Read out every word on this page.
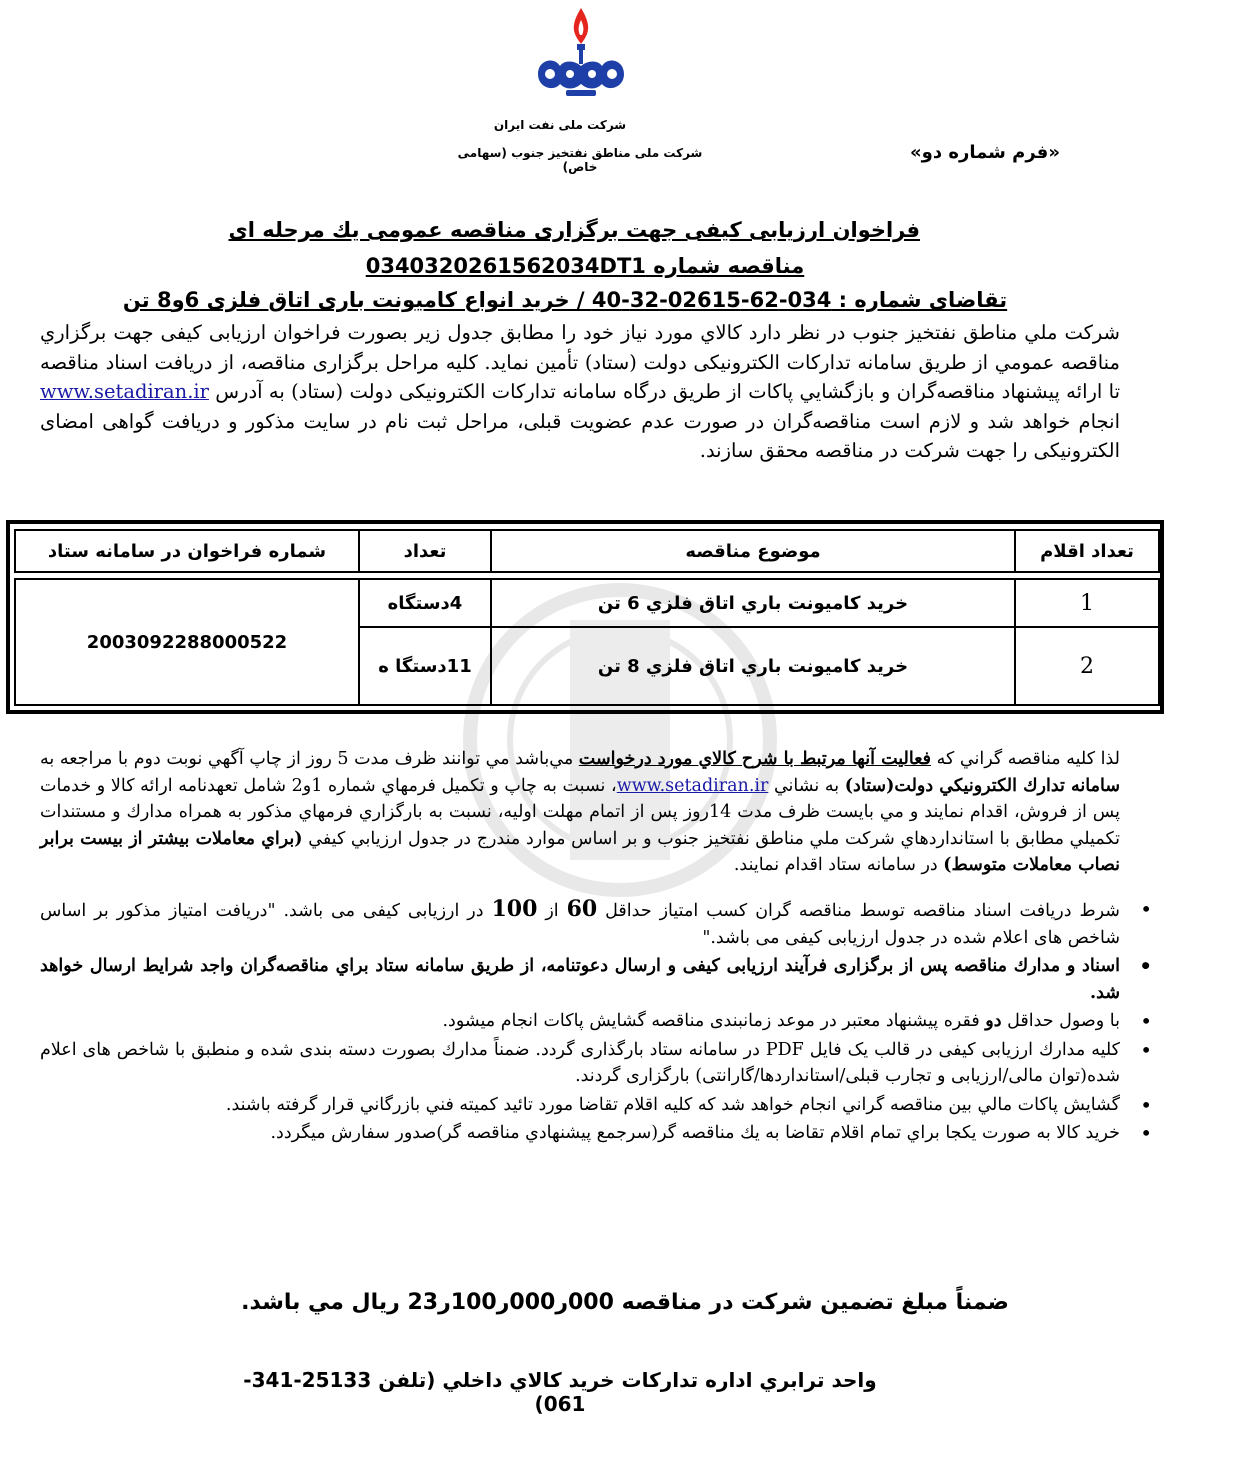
شركت ملی نفت ايران
شرکت ملی مناطق نفتخيز جنوب (سهامی خاص)
«فرم شماره دو»
فراخوان ارزيابی كيفی جهت برگزاری مناقصه عمومی يك مرحله ای
مناقصه شماره 034032026156203​4DT1
تقاضای شماره : 034-62-02615-32-40 / خريد انواع كاميونت باری اتاق فلزی 6و8 تن
شرکت ملي مناطق نفتخيز جنوب در نظر دارد كالاي مورد نياز خود را مطابق جدول زير بصورت فراخوان ارزيابی كيفی جهت برگزاري مناقصه عمومي از طريق سامانه تداركات الكترونيكی دولت (ستاد) تأمين نمايد. كليه مراحل برگزاری مناقصه، از دريافت اسناد مناقصه تا ارائه پيشنهاد مناقصه‌گران و بازگشايي پاكات از طريق درگاه سامانه تداركات الكترونيكی دولت (ستاد) به آدرس www.setadiran.ir انجام خواهد شد و لازم است مناقصه‌گران در صورت عدم عضويت قبلی، مراحل ثبت نام در سايت مذكور و دريافت گواهی امضای الكترونيكی را جهت شركت در مناقصه محقق سازند.
تعداد اقلام	موضوع مناقصه	تعداد	شماره فراخوان در سامانه ستاد

1	خريد كاميونت باري اتاق فلزي 6 تن	4دستگاه	2003092288000522
2	خريد كاميونت باري اتاق فلزي 8 تن	11دستگا ه	
لذا كليه مناقصه گراني كه فعاليت آنها مرتبط با شرح كالاي مورد درخواست مي‌باشد مي توانند ظرف مدت 5 روز از چاپ آگهي نوبت دوم با مراجعه به سامانه تدارك الكترونيكي دولت(ستاد) به نشاني www.setadiran.ir، نسبت به چاپ و تكميل فرمهاي شماره 1و2 شامل تعهدنامه ارائه كالا و خدمات پس از فروش، اقدام نمايند و مي بايست ظرف مدت 14روز پس از اتمام مهلت اوليه، نسبت به بارگزاري فرمهاي مذكور به همراه مدارك و مستندات تكميلي مطابق با استانداردهاي شركت ملي مناطق نفتخيز جنوب و بر اساس موارد مندرج در جدول ارزيابي كيفي (براي معاملات بيشتر از بيست برابر نصاب معاملات متوسط) در سامانه ستاد اقدام نمايند.
• شرط دريافت اسناد مناقصه توسط مناقصه گران كسب امتياز حداقل 60 از 100 در ارزيابی كيفی می باشد. "دريافت امتياز مذكور بر اساس شاخص های اعلام شده در جدول ارزيابی كيفی می باشد."
• اسناد و مدارك مناقصه پس از برگزاری فرآيند ارزيابی كيفی و ارسال دعوتنامه، از طريق سامانه ستاد براي مناقصه‌گران واجد شرايط ارسال خواهد شد.
• با وصول حداقل دو فقره پيشنهاد معتبر در موعد زمانبندی مناقصه گشايش پاكات انجام ميشود.
• كليه مدارك ارزيابی كيفی در قالب يک فايل PDF در سامانه ستاد بارگذاری گردد. ضمناً مدارك بصورت دسته بندی شده و منطبق با شاخص های اعلام شده(توان مالی/ارزيابی و تجارب قبلی/استانداردها/گارانتی) بارگزاری گردند.
• گشايش پاكات مالي بين مناقصه گراني انجام خواهد شد كه كليه اقلام تقاضا مورد تائيد كميته فني بازرگاني قرار گرفته باشند.
• خريد كالا به صورت يكجا براي تمام اقلام تقاضا به يك مناقصه گر(سرجمع پيشنهادي مناقصه گر)صدور سفارش ميگردد.
ضمناً مبلغ تضمين شركت در مناقصه 000ر000ر100ر23 ريال مي باشد.
واحد ترابري اداره تداركات خريد كالاي داخلي (تلفن 25133-341-061)
